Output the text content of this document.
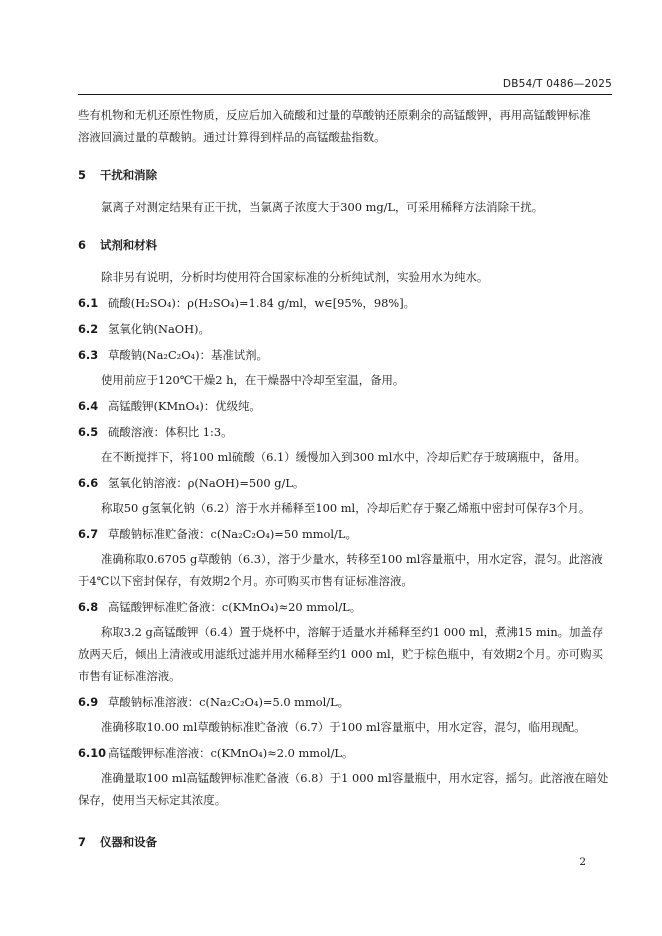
DB54/T 0486—2025

些有机物和无机还原性物质，反应后加入硫酸和过量的草酸钠还原剩余的高锰酸钾，再用高锰酸钾标准

溶液回滴过量的草酸钠。通过计算得到样品的高锰酸盐指数。

5 干扰和消除

氯离子对测定结果有正干扰，当氯离子浓度大于300 mg/L，可采用稀释方法消除干扰。

6 试剂和材料

除非另有说明，分析时均使用符合国家标准的分析纯试剂，实验用水为纯水。

6.1 硫酸(H₂SO₄)：ρ(H₂SO₄)=1.84 g/ml，w∈[95%，98%]。
6.2 氢氧化钠(NaOH)。
6.3 草酸钠(Na₂C₂O₄)：基准试剂。

使用前应于120℃干燥2 h，在干燥器中冷却至室温，备用。

6.4 高锰酸钾(KMnO₄)：优级纯。
6.5 硫酸溶液：体积比 1:3。

在不断搅拌下，将100 ml硫酸（6.1）缓慢加入到300 ml水中，冷却后贮存于玻璃瓶中，备用。

6.6 氢氧化钠溶液：ρ(NaOH)=500 g/L。

称取50 g氢氧化钠（6.2）溶于水并稀释至100 ml，冷却后贮存于聚乙烯瓶中密封可保存3个月。

6.7 草酸钠标准贮备液：c(Na₂C₂O₄)=50 mmol/L。

准确称取0.6705 g草酸钠（6.3），溶于少量水，转移至100 ml容量瓶中，用水定容，混匀。此溶液于4℃以下密封保存，有效期2个月。亦可购买市售有证标准溶液。

6.8 高锰酸钾标准贮备液：c(KMnO₄)≈20 mmol/L。

称取3.2 g高锰酸钾（6.4）置于烧杯中，溶解于适量水并稀释至约1 000 ml，煮沸15 min。加盖存放两天后，倾出上清液或用滤纸过滤并用水稀释至约1 000 ml，贮于棕色瓶中，有效期2个月。亦可购买市售有证标准溶液。

6.9 草酸钠标准溶液：c(Na₂C₂O₄)=5.0 mmol/L。

准确移取10.00 ml草酸钠标准贮备液（6.7）于100 ml容量瓶中，用水定容，混匀，临用现配。

6.10 高锰酸钾标准溶液：c(KMnO₄)≈2.0 mmol/L。

准确量取100 ml高锰酸钾标准贮备液（6.8）于1 000 ml容量瓶中，用水定容，摇匀。此溶液在暗处保存，使用当天标定其浓度。

7 仪器和设备
2
